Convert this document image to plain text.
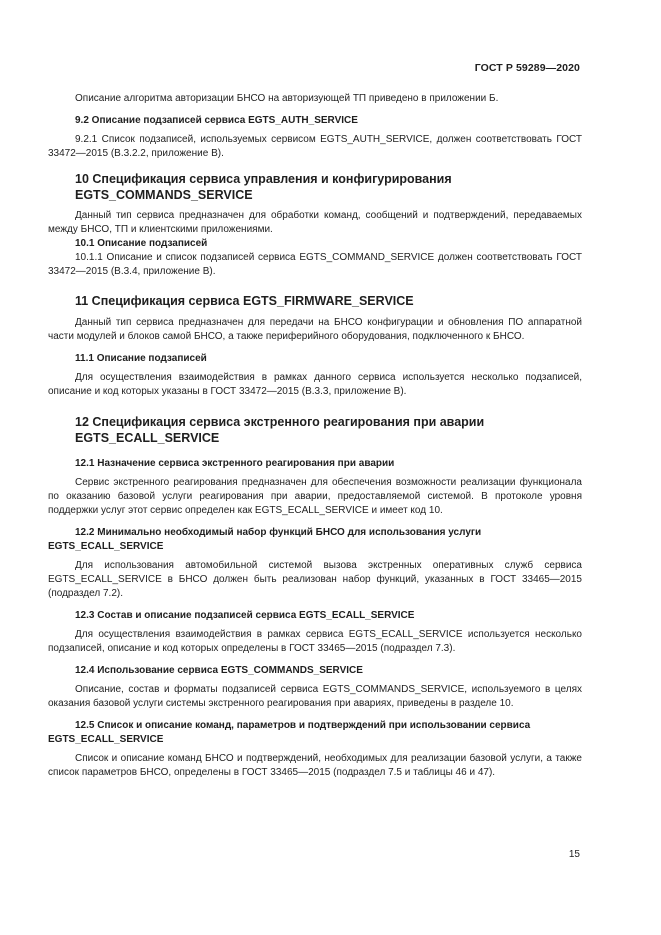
ГОСТ Р 59289—2020

Описание алгоритма авторизации БНСО на авторизующей ТП приведено в приложении Б.

9.2 Описание подзаписей сервиса EGTS_AUTH_SERVICE

9.2.1 Список подзаписей, используемых сервисом EGTS_AUTH_SERVICE, должен соответствовать ГОСТ 33472—2015 (В.3.2.2, приложение В).

10 Спецификация сервиса управления и конфигурирования EGTS_COMMANDS_SERVICE

Данный тип сервиса предназначен для обработки команд, сообщений и подтверждений, передаваемых между БНСО, ТП и клиентскими приложениями.

10.1 Описание подзаписей

10.1.1 Описание и список подзаписей сервиса EGTS_COMMAND_SERVICE должен соответствовать ГОСТ 33472—2015 (В.3.4, приложение В).

11 Спецификация сервиса EGTS_FIRMWARE_SERVICE

Данный тип сервиса предназначен для передачи на БНСО конфигурации и обновления ПО аппаратной части модулей и блоков самой БНСО, а также периферийного оборудования, подключенного к БНСО.

11.1 Описание подзаписей

Для осуществления взаимодействия в рамках данного сервиса используется несколько подзаписей, описание и код которых указаны в ГОСТ 33472—2015 (В.3.3, приложение В).

12 Спецификация сервиса экстренного реагирования при аварии EGTS_ECALL_SERVICE
12.1 Назначение сервиса экстренного реагирования при аварии

Сервис экстренного реагирования предназначен для обеспечения возможности реализации функционала по оказанию базовой услуги реагирования при аварии, предоставляемой системой. В протоколе уровня поддержки услуг этот сервис определен как EGTS_ECALL_SERVICE и имеет код 10.

12.2 Минимально необходимый набор функций БНСО для использования услуги EGTS_ECALL_SERVICE

Для использования автомобильной системой вызова экстренных оперативных служб сервиса EGTS_ECALL_SERVICE в БНСО должен быть реализован набор функций, указанных в ГОСТ 33465—2015 (подраздел 7.2).

12.3 Состав и описание подзаписей сервиса EGTS_ECALL_SERVICE

Для осуществления взаимодействия в рамках сервиса EGTS_ECALL_SERVICE используется несколько подзаписей, описание и код которых определены в ГОСТ 33465—2015 (подраздел 7.3).

12.4 Использование сервиса EGTS_COMMANDS_SERVICE

Описание, состав и форматы подзаписей сервиса EGTS_COMMANDS_SERVICE, используемого в целях оказания базовой услуги системы экстренного реагирования при авариях, приведены в разделе 10.

12.5 Список и описание команд, параметров и подтверждений при использовании сервиса EGTS_ECALL_SERVICE

Список и описание команд БНСО и подтверждений, необходимых для реализации базовой услуги, а также список параметров БНСО, определены в ГОСТ 33465—2015 (подраздел 7.5 и таблицы 46 и 47).

15
